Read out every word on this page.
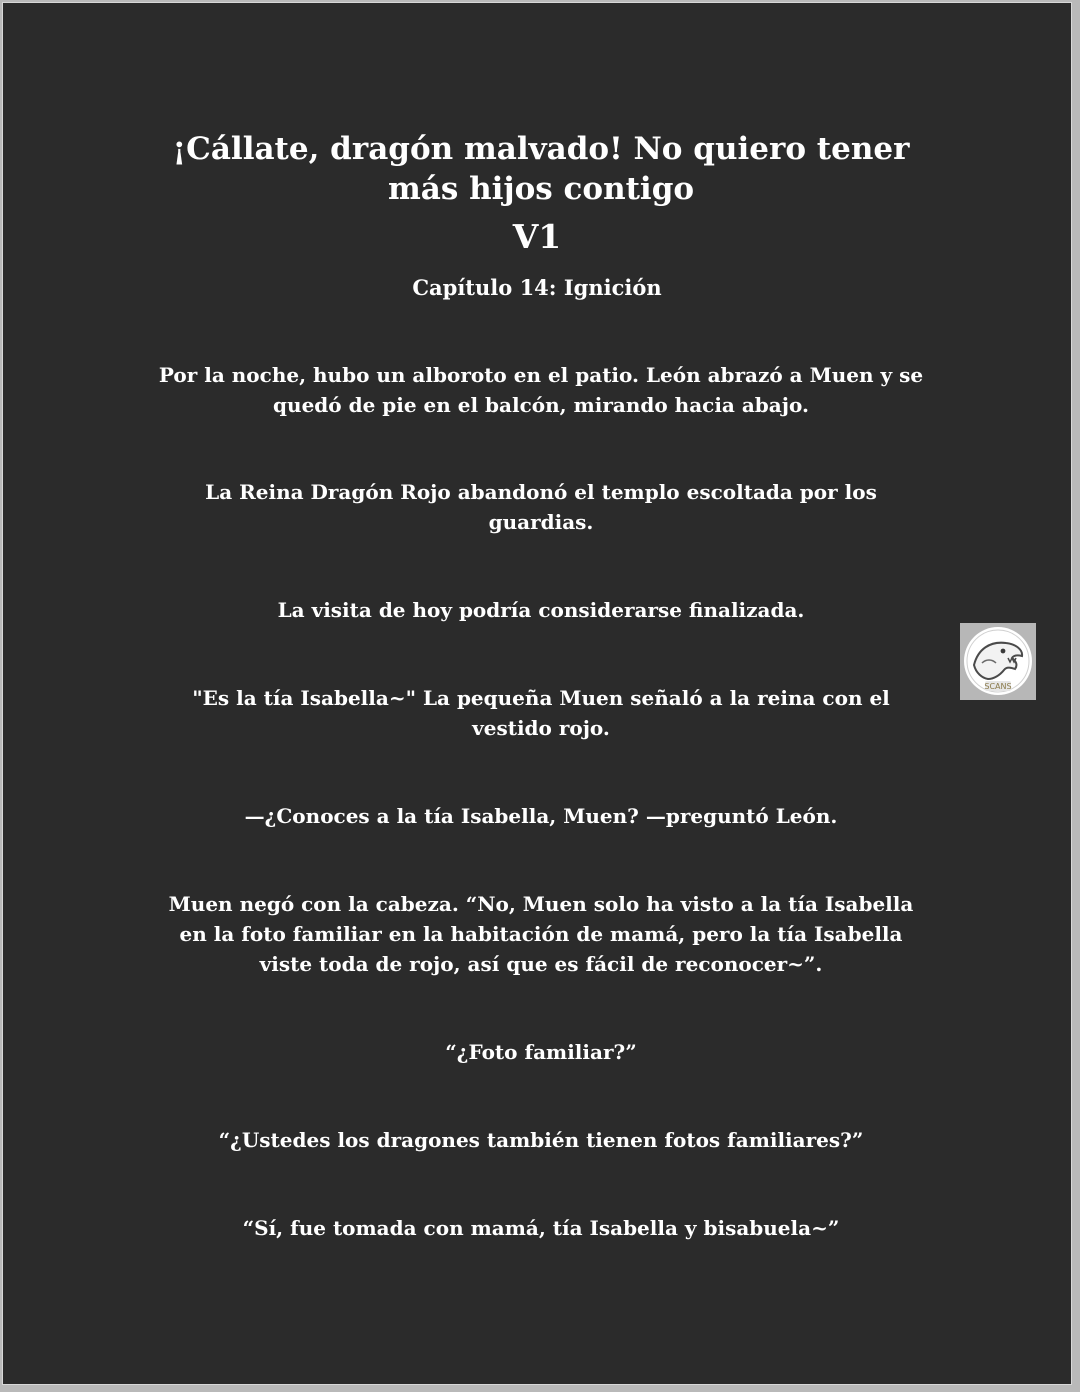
¡Cállate, dragón malvado! No quiero tener más hijos contigo
V1
Capítulo 14: Ignición

Por la noche, hubo un alboroto en el patio. León abrazó a Muen y se quedó de pie en el balcón, mirando hacia abajo.

La Reina Dragón Rojo abandonó el templo escoltada por los guardias.

La visita de hoy podría considerarse finalizada.

"Es la tía Isabella~" La pequeña Muen señaló a la reina con el vestido rojo.

—¿Conoces a la tía Isabella, Muen? —preguntó León.

Muen negó con la cabeza. “No, Muen solo ha visto a la tía Isabella en la foto familiar en la habitación de mamá, pero la tía Isabella viste toda de rojo, así que es fácil de reconocer~”.

“¿Foto familiar?”

“¿Ustedes los dragones también tienen fotos familiares?”

“Sí, fue tomada con mamá, tía Isabella y bisabuela~”

SCANS
